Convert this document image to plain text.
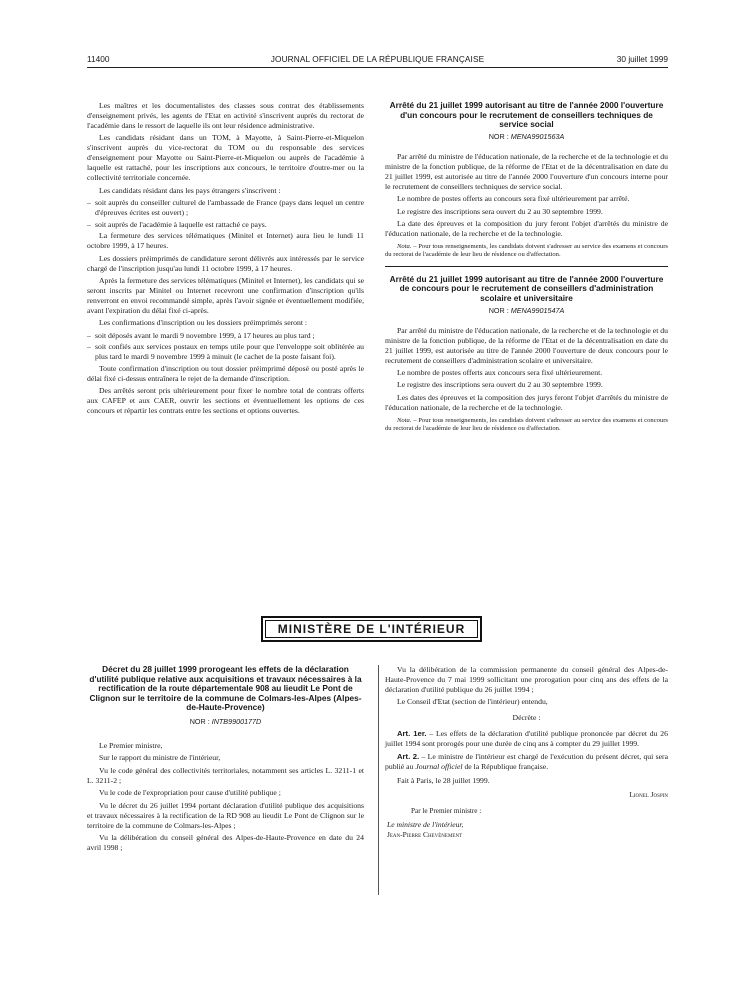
11400	JOURNAL OFFICIEL DE LA RÉPUBLIQUE FRANÇAISE	30 juillet 1999

Les maîtres et les documentalistes des classes sous contrat des établissements d'enseignement privés, les agents de l'Etat en activité s'inscrivent auprès du rectorat de l'académie dans le ressort de laquelle ils ont leur résidence administrative.

Les candidats résidant dans un TOM, à Mayotte, à Saint-Pierre-et-Miquelon s'inscrivent auprès du vice-rectorat du TOM ou du responsable des services d'enseignement pour Mayotte ou Saint-Pierre-et-Miquelon ou auprès de l'académie à laquelle est rattaché, pour les inscriptions aux concours, le territoire d'outre-mer ou la collectivité territoriale concernée.

Les candidats résidant dans les pays étrangers s'inscrivent :

– soit auprès du conseiller culturel de l'ambassade de France (pays dans lequel un centre d'épreuves écrites est ouvert) ;

– soit auprès de l'académie à laquelle est rattaché ce pays.

La fermeture des services télématiques (Minitel et Internet) aura lieu le lundi 11 octobre 1999, à 17 heures.

Les dossiers préimprimés de candidature seront délivrés aux intéressés par le service chargé de l'inscription jusqu'au lundi 11 octobre 1999, à 17 heures.

Après la fermeture des services télématiques (Minitel et Internet), les candidats qui se seront inscrits par Minitel ou Internet recevront une confirmation d'inscription qu'ils renverront en envoi recommandé simple, après l'avoir signée et éventuellement modifiée, avant l'expiration du délai fixé ci-après.

Les confirmations d'inscription ou les dossiers préimprimés seront :

– soit déposés avant le mardi 9 novembre 1999, à 17 heures au plus tard ;

– soit confiés aux services postaux en temps utile pour que l'enveloppe soit oblitérée au plus tard le mardi 9 novembre 1999 à minuit (le cachet de la poste faisant foi).

Toute confirmation d'inscription ou tout dossier préimprimé déposé ou posté après le délai fixé ci-dessus entraînera le rejet de la demande d'inscription.

Des arrêtés seront pris ultérieurement pour fixer le nombre total de contrats offerts aux CAFEP et aux CAER, ouvrir les sections et éventuellement les options de ces concours et répartir les contrats entre les sections et options ouvertes.

Arrêté du 21 juillet 1999 autorisant au titre de l'année 2000 l'ouverture d'un concours pour le recrutement de conseillers techniques de service social
NOR : MENA9901563A

Par arrêté du ministre de l'éducation nationale, de la recherche et de la technologie et du ministre de la fonction publique, de la réforme de l'Etat et de la décentralisation en date du 21 juillet 1999, est autorisée au titre de l'année 2000 l'ouverture d'un concours interne pour le recrutement de conseillers techniques de service social.

Le nombre de postes offerts au concours sera fixé ultérieurement par arrêté.

Le registre des inscriptions sera ouvert du 2 au 30 septembre 1999.

La date des épreuves et la composition du jury feront l'objet d'arrêtés du ministre de l'éducation nationale, de la recherche et de la technologie.

Nota. – Pour tous renseignements, les candidats doivent s'adresser au service des examens et concours du rectorat de l'académie de leur lieu de résidence ou d'affectation.

Arrêté du 21 juillet 1999 autorisant au titre de l'année 2000 l'ouverture de concours pour le recrutement de conseillers d'administration scolaire et universitaire
NOR : MENA9901547A

Par arrêté du ministre de l'éducation nationale, de la recherche et de la technologie et du ministre de la fonction publique, de la réforme de l'Etat et de la décentralisation en date du 21 juillet 1999, est autorisée au titre de l'année 2000 l'ouverture de deux concours pour le recrutement de conseillers d'administration scolaire et universitaire.

Le nombre de postes offerts aux concours sera fixé ultérieurement.

Le registre des inscriptions sera ouvert du 2 au 30 septembre 1999.

Les dates des épreuves et la composition des jurys feront l'objet d'arrêtés du ministre de l'éducation nationale, de la recherche et de la technologie.

Nota. – Pour tous renseignements, les candidats doivent s'adresser au service des examens et concours du rectorat de l'académie de leur lieu de résidence ou d'affectation.

MINISTÈRE DE L'INTÉRIEUR
Décret du 28 juillet 1999 prorogeant les effets de la déclaration d'utilité publique relative aux acquisitions et travaux nécessaires à la rectification de la route départementale 908 au lieudit Le Pont de Clignon sur le territoire de la commune de Colmars-les-Alpes (Alpes-de-Haute-Provence)
NOR : INTB9900177D

Le Premier ministre,

Sur le rapport du ministre de l'intérieur,

Vu le code général des collectivités territoriales, notamment ses articles L. 3211-1 et L. 3211-2 ;

Vu le code de l'expropriation pour cause d'utilité publique ;

Vu le décret du 26 juillet 1994 portant déclaration d'utilité publique des acquisitions et travaux nécessaires à la rectification de la RD 908 au lieudit Le Pont de Clignon sur le territoire de la commune de Colmars-les-Alpes ;

Vu la délibération du conseil général des Alpes-de-Haute-Provence en date du 24 avril 1998 ;

Vu la délibération de la commission permanente du conseil général des Alpes-de-Haute-Provence du 7 mai 1999 sollicitant une prorogation pour cinq ans des effets de la déclaration d'utilité publique du 26 juillet 1994 ;

Le Conseil d'Etat (section de l'intérieur) entendu,

Décrète :

Art. 1er. – Les effets de la déclaration d'utilité publique prononcée par décret du 26 juillet 1994 sont prorogés pour une durée de cinq ans à compter du 29 juillet 1999.

Art. 2. – Le ministre de l'intérieur est chargé de l'exécution du présent décret, qui sera publié au Journal officiel de la République française.

Fait à Paris, le 28 juillet 1999.

Lionel Jospin
Par le Premier ministre :
Le ministre de l'intérieur,
Jean-Pierre Chevènement
